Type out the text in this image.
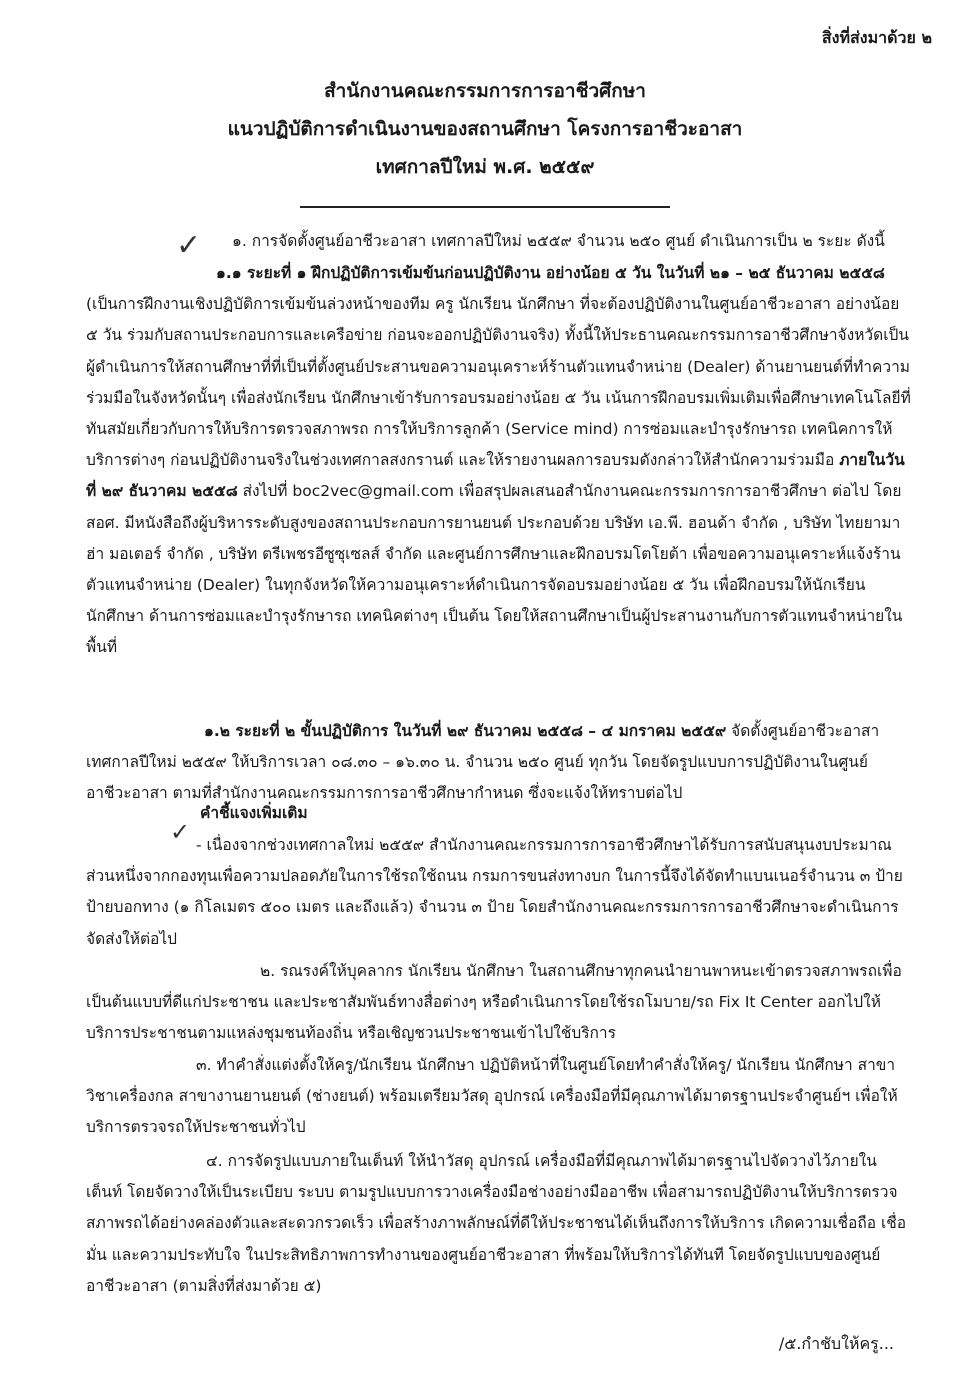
สิ่งที่ส่งมาด้วย ๒
สำนักงานคณะกรรมการการอาชีวศึกษา
แนวปฏิบัติการดำเนินงานของสถานศึกษา โครงการอาชีวะอาสา
เทศกาลปีใหม่ พ.ศ. ๒๕๕๙
✓
✓

๑. การจัดตั้งศูนย์อาชีวะอาสา เทศกาลปีใหม่ ๒๕๕๙ จำนวน ๒๕๐ ศูนย์ ดำเนินการเป็น ๒ ระยะ ดังนี้

๑.๑ ระยะที่ ๑ ฝึกปฏิบัติการเข้มข้นก่อนปฏิบัติงาน อย่างน้อย ๕ วัน ในวันที่ ๒๑ – ๒๕ ธันวาคม ๒๕๕๘ (เป็นการฝึกงานเชิงปฏิบัติการเข้มข้นล่วงหน้าของทีม ครู นักเรียน นักศึกษา ที่จะต้องปฏิบัติงานในศูนย์อาชีวะอาสา อย่างน้อย ๕ วัน ร่วมกับสถานประกอบการและเครือข่าย ก่อนจะออกปฏิบัติงานจริง) ทั้งนี้ให้ประธานคณะกรรมการอาชีวศึกษาจังหวัดเป็นผู้ดำเนินการให้สถานศึกษาที่ที่เป็นที่ตั้งศูนย์ประสานขอความอนุเคราะห์ร้านตัวแทนจำหน่าย (Dealer) ด้านยานยนต์ที่ทำความร่วมมือในจังหวัดนั้นๆ เพื่อส่งนักเรียน นักศึกษาเข้ารับการอบรมอย่างน้อย ๕ วัน เน้นการฝึกอบรมเพิ่มเติมเพื่อศึกษาเทคโนโลยีที่ทันสมัยเกี่ยวกับการให้บริการตรวจสภาพรถ การให้บริการลูกค้า (Service mind) การซ่อมและบำรุงรักษารถ เทคนิคการให้บริการต่างๆ ก่อนปฏิบัติงานจริงในช่วงเทศกาลสงกรานต์ และให้รายงานผลการอบรมดังกล่าวให้สำนักความร่วมมือ ภายในวันที่ ๒๙ ธันวาคม ๒๕๕๘ ส่งไปที่ boc2vec@gmail.com เพื่อสรุปผลเสนอสำนักงานคณะกรรมการการอาชีวศึกษา ต่อไป โดย สอศ. มีหนังสือถึงผู้บริหารระดับสูงของสถานประกอบการยานยนต์ ประกอบด้วย บริษัท เอ.พี. ฮอนด้า จำกัด , บริษัท ไทยยามาฮ่า มอเตอร์ จำกัด , บริษัท ตรีเพชรอีซูซุเซลส์ จำกัด และศูนย์การศึกษาและฝึกอบรมโตโยต้า เพื่อขอความอนุเคราะห์แจ้งร้านตัวแทนจำหน่าย (Dealer) ในทุกจังหวัดให้ความอนุเคราะห์ดำเนินการจัดอบรมอย่างน้อย ๕ วัน เพื่อฝึกอบรมให้นักเรียน นักศึกษา ด้านการซ่อมและบำรุงรักษารถ เทคนิคต่างๆ เป็นต้น โดยให้สถานศึกษาเป็นผู้ประสานงานกับการตัวแทนจำหน่ายในพื้นที่

๑.๒ ระยะที่ ๒ ขั้นปฏิบัติการ ในวันที่ ๒๙ ธันวาคม ๒๕๕๘ – ๔ มกราคม ๒๕๕๙ จัดตั้งศูนย์อาชีวะอาสา เทศกาลปีใหม่ ๒๕๕๙ ให้บริการเวลา ๐๘.๓๐ – ๑๖.๓๐ น. จำนวน ๒๕๐ ศูนย์ ทุกวัน โดยจัดรูปแบบการปฏิบัติงานในศูนย์อาชีวะอาสา ตามที่สำนักงานคณะกรรมการการอาชีวศึกษากำหนด ซึ่งจะแจ้งให้ทราบต่อไป

คำชี้แจงเพิ่มเติม

- เนื่องจากช่วงเทศกาลใหม่ ๒๕๕๙ สำนักงานคณะกรรมการการอาชีวศึกษาได้รับการสนับสนุนงบประมาณส่วนหนึ่งจากกองทุนเพื่อความปลอดภัยในการใช้รถใช้ถนน กรมการขนส่งทางบก ในการนี้จึงได้จัดทำแบนเนอร์จำนวน ๓ ป้าย ป้ายบอกทาง (๑ กิโลเมตร ๕๐๐ เมตร และถึงแล้ว) จำนวน ๓ ป้าย โดยสำนักงานคณะกรรมการการอาชีวศึกษาจะดำเนินการจัดส่งให้ต่อไป

๒. รณรงค์ให้บุคลากร นักเรียน นักศึกษา ในสถานศึกษาทุกคนนำยานพาหนะเข้าตรวจสภาพรถเพื่อเป็นต้นแบบที่ดีแก่ประชาชน และประชาสัมพันธ์ทางสื่อต่างๆ หรือดำเนินการโดยใช้รถโมบาย/รถ Fix It Center ออกไปให้บริการประชาชนตามแหล่งชุมชนท้องถิ่น หรือเชิญชวนประชาชนเข้าไปใช้บริการ

๓. ทำคำสั่งแต่งตั้งให้ครู/นักเรียน นักศึกษา ปฏิบัติหน้าที่ในศูนย์โดยทำคำสั่งให้ครู/ นักเรียน นักศึกษา สาขาวิชาเครื่องกล สาขางานยานยนต์ (ช่างยนต์) พร้อมเตรียมวัสดุ อุปกรณ์ เครื่องมือที่มีคุณภาพได้มาตรฐานประจำศูนย์ฯ เพื่อให้บริการตรวจรถให้ประชาชนทั่วไป

๔. การจัดรูปแบบภายในเต็นท์ ให้นำวัสดุ อุปกรณ์ เครื่องมือที่มีคุณภาพได้มาตรฐานไปจัดวางไว้ภายในเต็นท์ โดยจัดวางให้เป็นระเบียบ ระบบ ตามรูปแบบการวางเครื่องมือช่างอย่างมืออาชีพ เพื่อสามารถปฏิบัติงานให้บริการตรวจสภาพรถได้อย่างคล่องตัวและสะดวกรวดเร็ว เพื่อสร้างภาพลักษณ์ที่ดีให้ประชาชนได้เห็นถึงการให้บริการ เกิดความเชื่อถือ เชื่อมั่น และความประทับใจ ในประสิทธิภาพการทำงานของศูนย์อาชีวะอาสา ที่พร้อมให้บริการได้ทันที โดยจัดรูปแบบของศูนย์อาชีวะอาสา (ตามสิ่งที่ส่งมาด้วย ๕)

/๕.กำชับให้ครู...
